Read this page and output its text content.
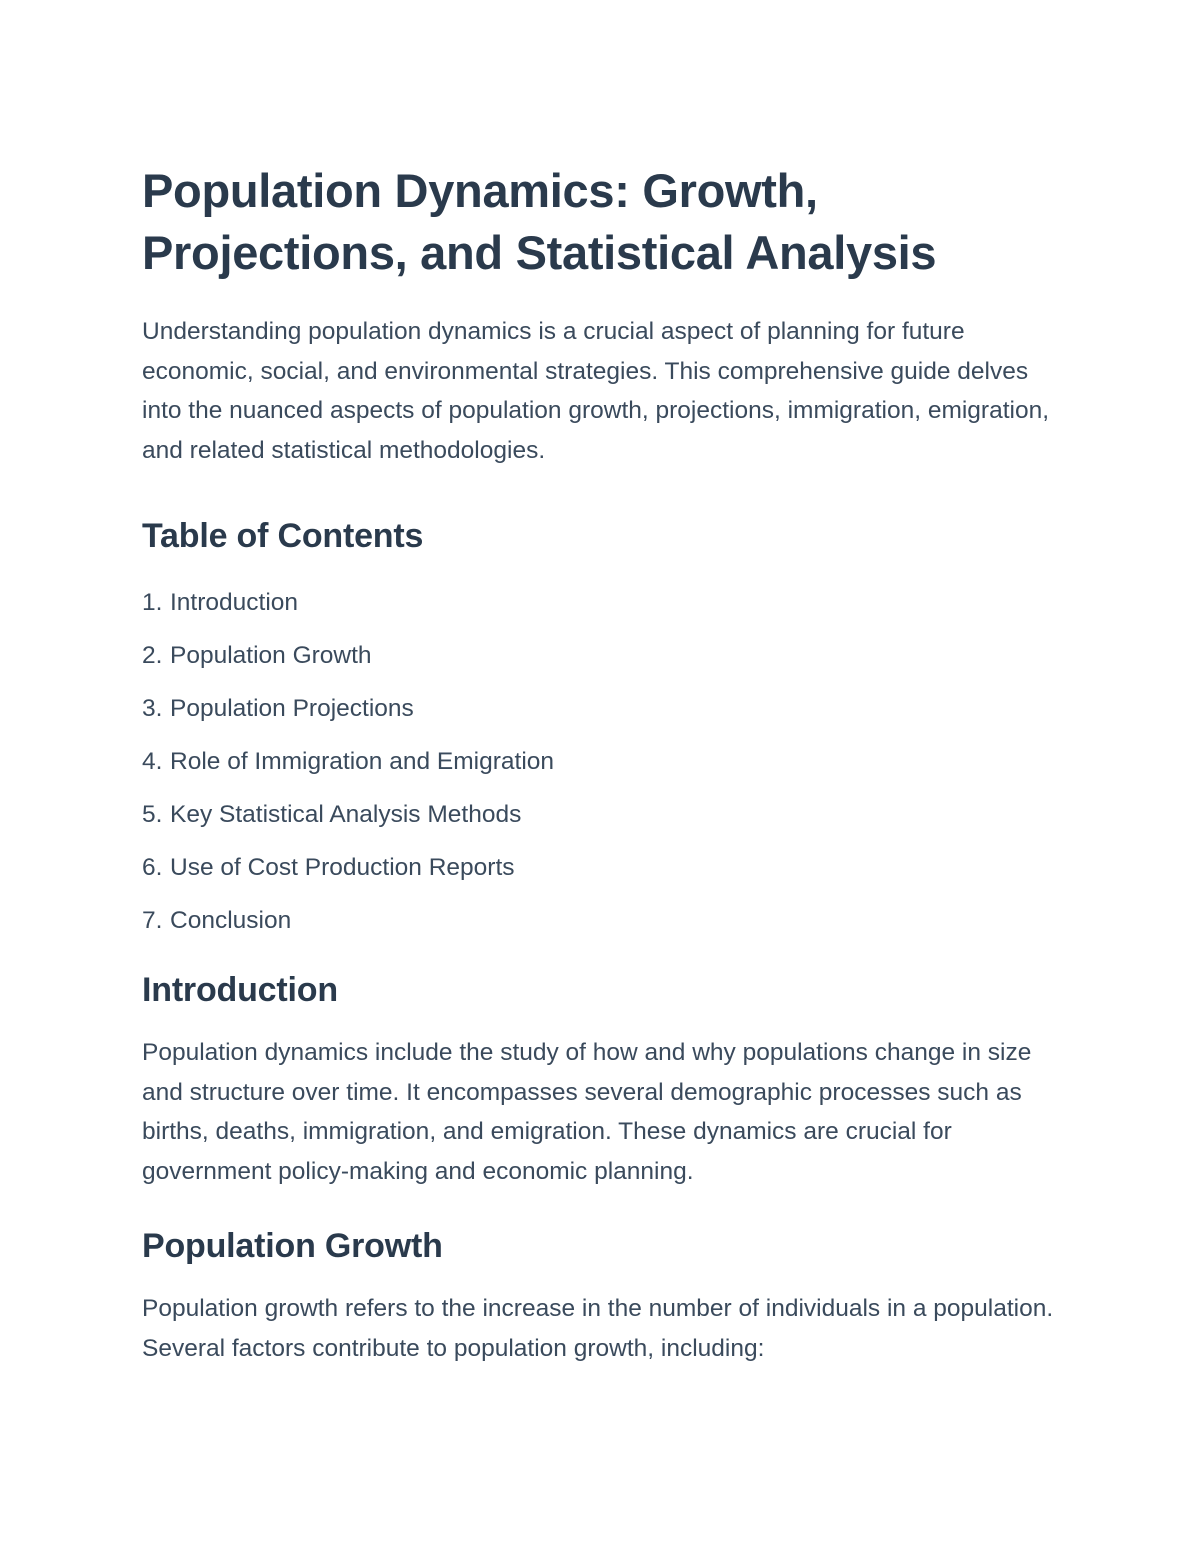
Population Dynamics: Growth, Projections, and Statistical Analysis

Understanding population dynamics is a crucial aspect of planning for future economic, social, and environmental strategies. This comprehensive guide delves into the nuanced aspects of population growth, projections, immigration, emigration, and related statistical methodologies.

Table of Contents
1. Introduction
2. Population Growth
3. Population Projections
4. Role of Immigration and Emigration
5. Key Statistical Analysis Methods
6. Use of Cost Production Reports
7. Conclusion
Introduction

Population dynamics include the study of how and why populations change in size and structure over time. It encompasses several demographic processes such as births, deaths, immigration, and emigration. These dynamics are crucial for government policy-making and economic planning.

Population Growth

Population growth refers to the increase in the number of individuals in a population. Several factors contribute to population growth, including:
